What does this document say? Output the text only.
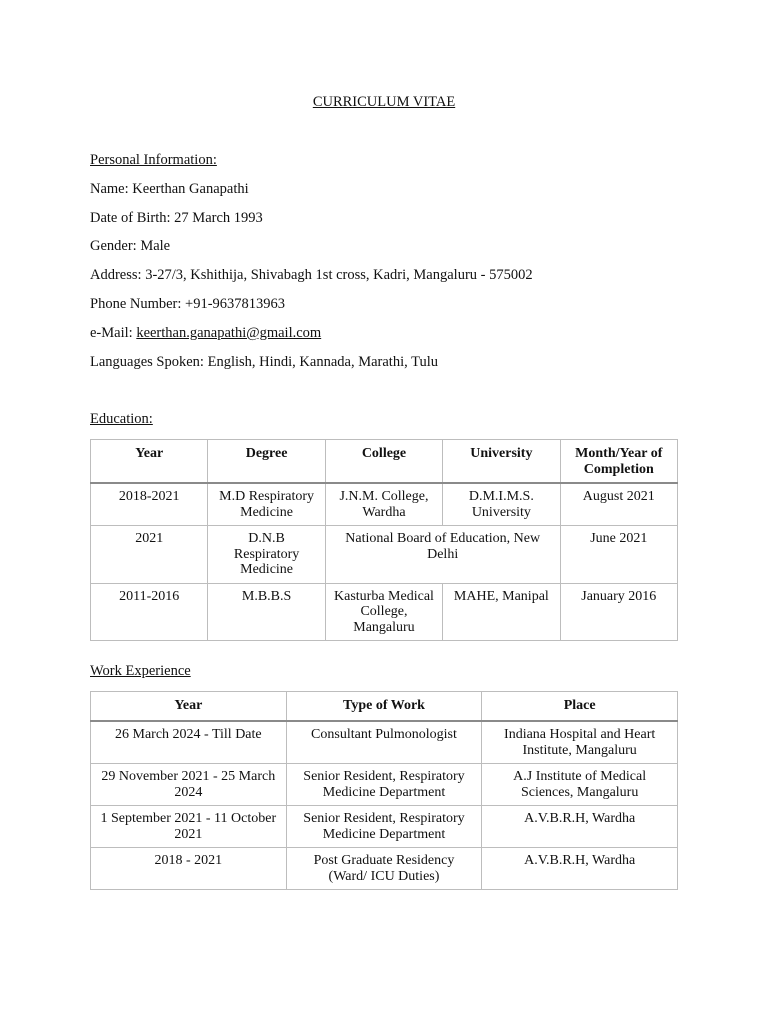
CURRICULUM VITAE
Personal Information:
Name: Keerthan Ganapathi
Date of Birth: 27 March 1993
Gender: Male
Address: 3-27/3, Kshithija, Shivabagh 1st cross, Kadri, Mangaluru - 575002
Phone Number: +91-9637813963
e-Mail: keerthan.ganapathi@gmail.com
Languages Spoken: English, Hindi, Kannada, Marathi, Tulu
Education:
Year	Degree	College	University	Month/Year of Completion
2018-2021	M.D Respiratory Medicine	J.N.M. College, Wardha	D.M.I.M.S. University	August 2021
2021	D.N.B Respiratory Medicine	National Board of Education, New Delhi		June 2021
2011-2016	M.B.B.S	Kasturba Medical College, Mangaluru	MAHE, Manipal	January 2016
Work Experience
Year	Type of Work	Place
26 March 2024 - Till Date	Consultant Pulmonologist	Indiana Hospital and Heart Institute, Mangaluru
29 November 2021 - 25 March 2024	Senior Resident, Respiratory Medicine Department	A.J Institute of Medical Sciences, Mangaluru
1 September 2021 - 11 October 2021	Senior Resident, Respiratory Medicine Department	A.V.B.R.H, Wardha
2018 - 2021	Post Graduate Residency (Ward/ ICU Duties)	A.V.B.R.H, Wardha
